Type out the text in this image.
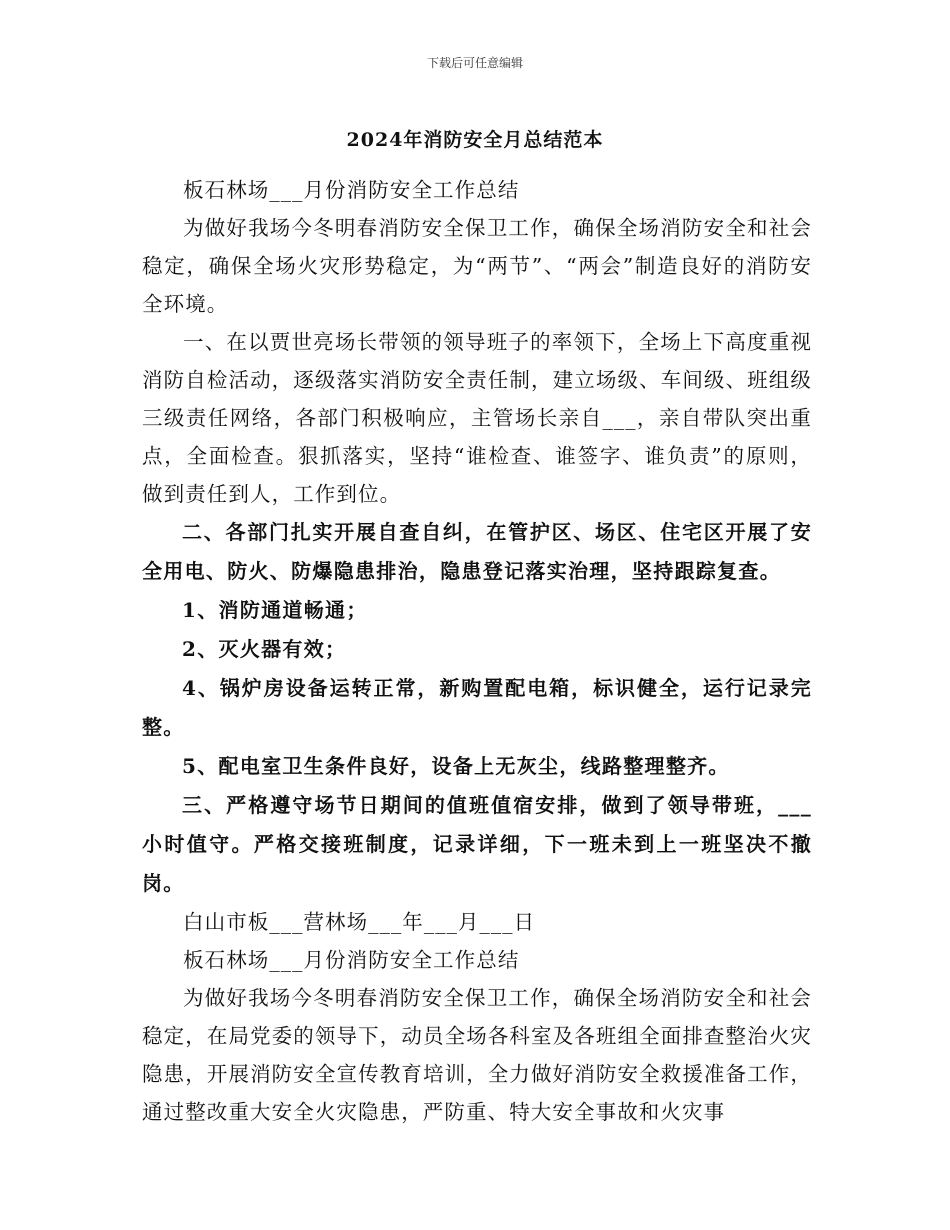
下载后可任意编辑
2024年消防安全月总结范本

板石林场___月份消防安全工作总结

为做好我场今冬明春消防安全保卫工作，确保全场消防安全和社会稳定，确保全场火灾形势稳定，为“两节”、“两会”制造良好的消防安全环境。

一、在以贾世亮场长带领的领导班子的率领下，全场上下高度重视消防自检活动，逐级落实消防安全责任制，建立场级、车间级、班组级三级责任网络，各部门积极响应，主管场长亲自___，亲自带队突出重点，全面检查。狠抓落实，坚持“谁检查、谁签字、谁负责”的原则，做到责任到人，工作到位。

二、各部门扎实开展自查自纠，在管护区、场区、住宅区开展了安全用电、防火、防爆隐患排治，隐患登记落实治理，坚持跟踪复查。

1、消防通道畅通；

2、灭火器有效；

4、锅炉房设备运转正常，新购置配电箱，标识健全，运行记录完整。

5、配电室卫生条件良好，设备上无灰尘，线路整理整齐。

三、严格遵守场节日期间的值班值宿安排，做到了领导带班，___小时值守。严格交接班制度，记录详细，下一班未到上一班坚决不撤岗。

白山市板___营林场___年___月___日

板石林场___月份消防安全工作总结

为做好我场今冬明春消防安全保卫工作，确保全场消防安全和社会稳定，在局党委的领导下，动员全场各科室及各班组全面排查整治火灾隐患，开展消防安全宣传教育培训，全力做好消防安全救援准备工作，通过整改重大安全火灾隐患，严防重、特大安全事故和火灾事
